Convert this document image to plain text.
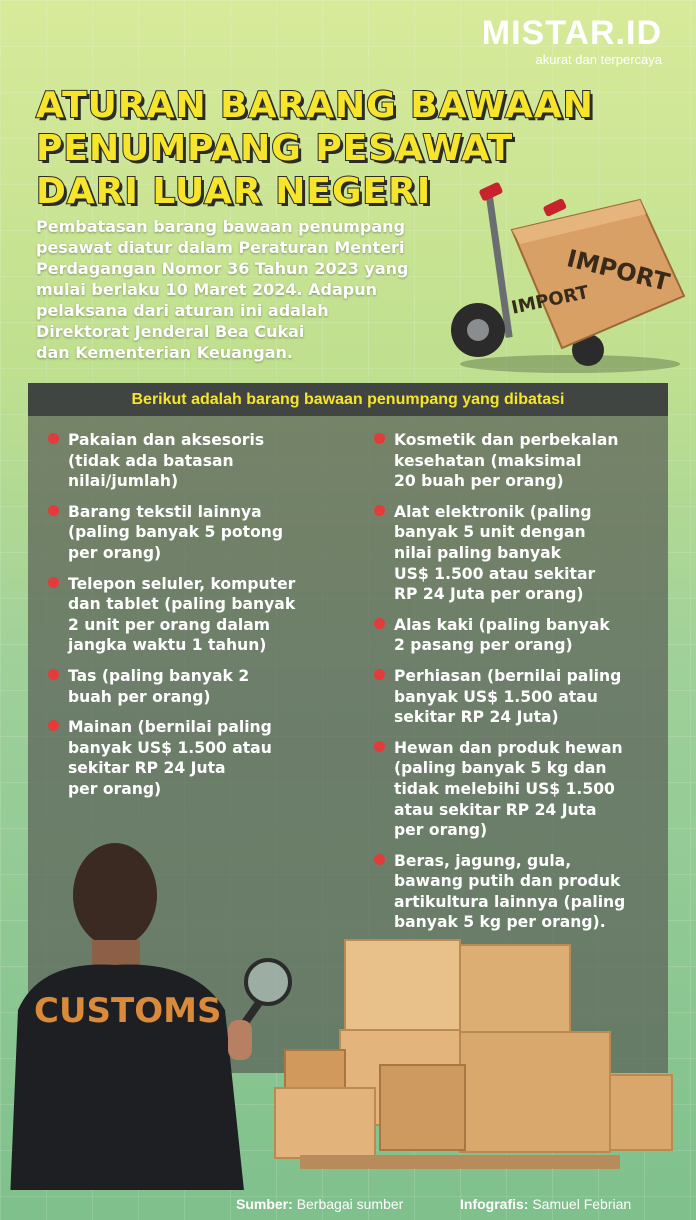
MISTAR.ID
akurat dan terpercaya
ATURAN BARANG BAWAAN
PENUMPANG PESAWAT
DARI LUAR NEGERI
Pembatasan barang bawaan penumpang
pesawat diatur dalam Peraturan Menteri
Perdagangan Nomor 36 Tahun 2023 yang
mulai berlaku 10 Maret 2024. Adapun
pelaksana dari aturan ini adalah
Direktorat Jenderal Bea Cukai
dan Kementerian Keuangan.
IMPORT
IMPORT
Berikut adalah barang bawaan penumpang yang dibatasi
Pakaian dan aksesoris
(tidak ada batasan
nilai/jumlah)
Barang tekstil lainnya
(paling banyak 5 potong
per orang)
Telepon seluler, komputer
dan tablet (paling banyak
2 unit per orang dalam
jangka waktu 1 tahun)
Tas (paling banyak 2
buah per orang)
Mainan (bernilai paling
banyak US$ 1.500 atau
sekitar RP 24 Juta
per orang)
Kosmetik dan perbekalan
kesehatan (maksimal
20 buah per orang)
Alat elektronik (paling
banyak 5 unit dengan
nilai paling banyak
US$ 1.500 atau sekitar
RP 24 Juta per orang)
Alas kaki (paling banyak
2 pasang per orang)
Perhiasan (bernilai paling
banyak US$ 1.500 atau
sekitar RP 24 Juta)
Hewan dan produk hewan
(paling banyak 5 kg dan
tidak melebihi US$ 1.500
atau sekitar RP 24 Juta
per orang)
Beras, jagung, gula,
bawang putih dan produk
artikultura lainnya (paling
banyak 5 kg per orang).
CUSTOMS
Sumber: Berbagai sumber	Infografis: Samuel Febrian
